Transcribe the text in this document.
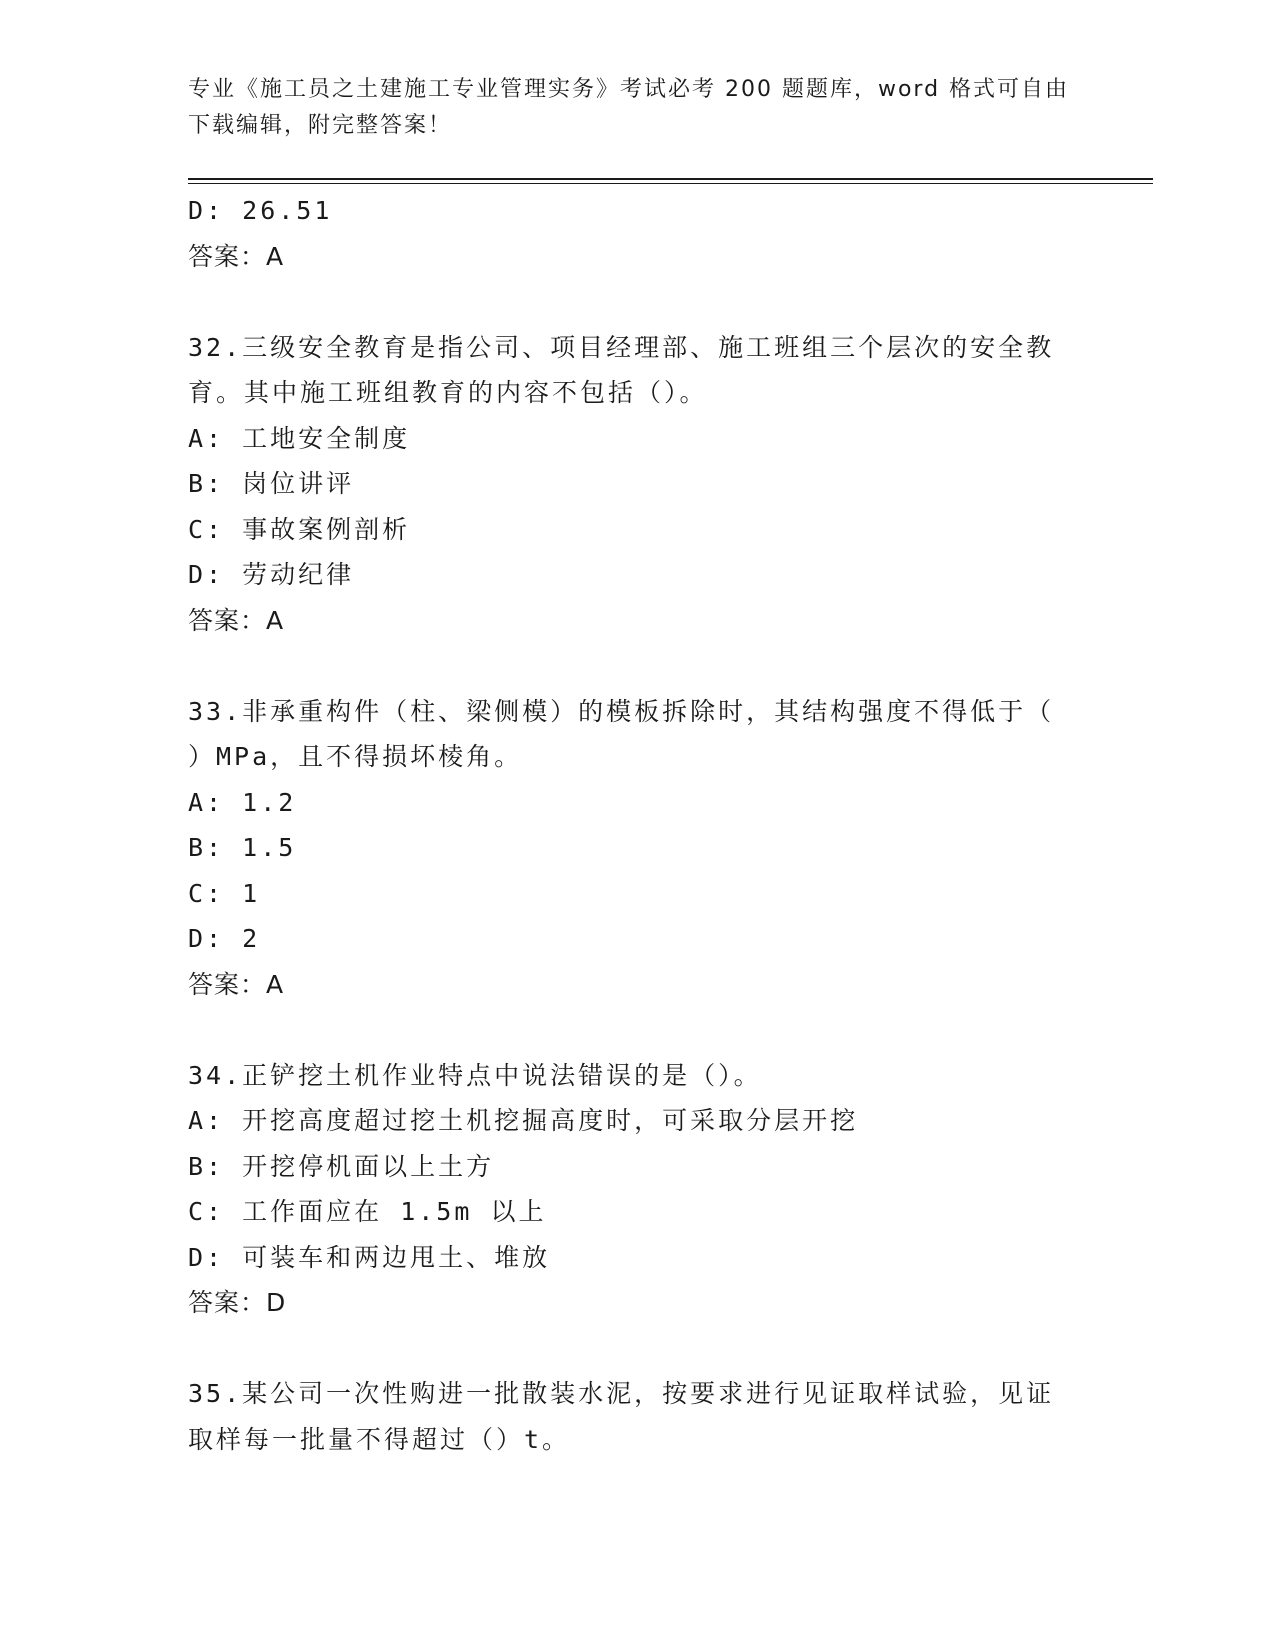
专业《施工员之土建施工专业管理实务》考试必考 200 题题库，word 格式可自由
下载编辑，附完整答案！
D: 26.51
答案：A
32.三级安全教育是指公司、项目经理部、施工班组三个层次的安全教
育。其中施工班组教育的内容不包括（）。
A: 工地安全制度
B: 岗位讲评
C: 事故案例剖析
D: 劳动纪律
答案：A
33.非承重构件（柱、梁侧模）的模板拆除时，其结构强度不得低于（
）MPa，且不得损坏棱角。
A: 1.2
B: 1.5
C: 1
D: 2
答案：A
34.正铲挖土机作业特点中说法错误的是（）。
A: 开挖高度超过挖土机挖掘高度时，可采取分层开挖
B: 开挖停机面以上土方
C: 工作面应在 1.5m 以上
D: 可装车和两边甩土、堆放
答案：D
35.某公司一次性购进一批散装水泥，按要求进行见证取样试验，见证
取样每一批量不得超过（）t。
